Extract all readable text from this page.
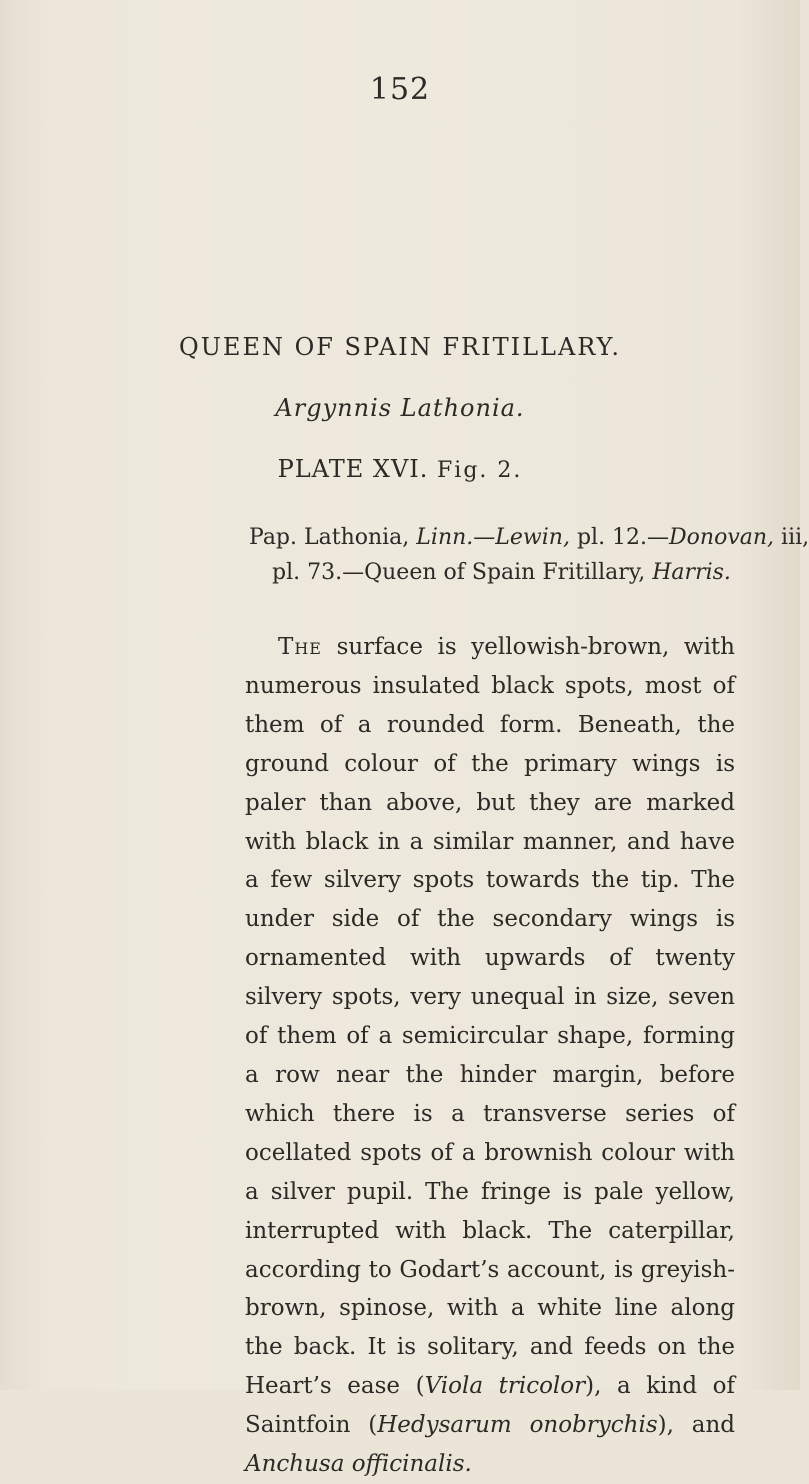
152
QUEEN OF SPAIN FRITILLARY.
Argynnis Lathonia.
PLATE XVI. Fig. 2.
Pap. Lathonia, Linn.—Lewin, pl. 12.—Donovan, iii,
pl. 73.—Queen of Spain Fritillary, Harris.

The surface is yellowish-brown, with numerous insulated black spots, most of them of a rounded form. Beneath, the ground colour of the primary wings is paler than above, but they are marked with black in a similar manner, and have a few silvery spots towards the tip. The under side of the secondary wings is ornamented with upwards of twenty silvery spots, very unequal in size, seven of them of a semicircular shape, forming a row near the hinder margin, before which there is a transverse series of ocellated spots of a brownish colour with a silver pupil. The fringe is pale yellow, interrupted with black. The caterpillar, according to Godart’s account, is greyish-brown, spinose, with a white line along the back. It is solitary, and feeds on the Heart’s ease (Viola tricolor), a kind of Saintfoin (Hedysarum onobrychis), and Anchusa officinalis.
